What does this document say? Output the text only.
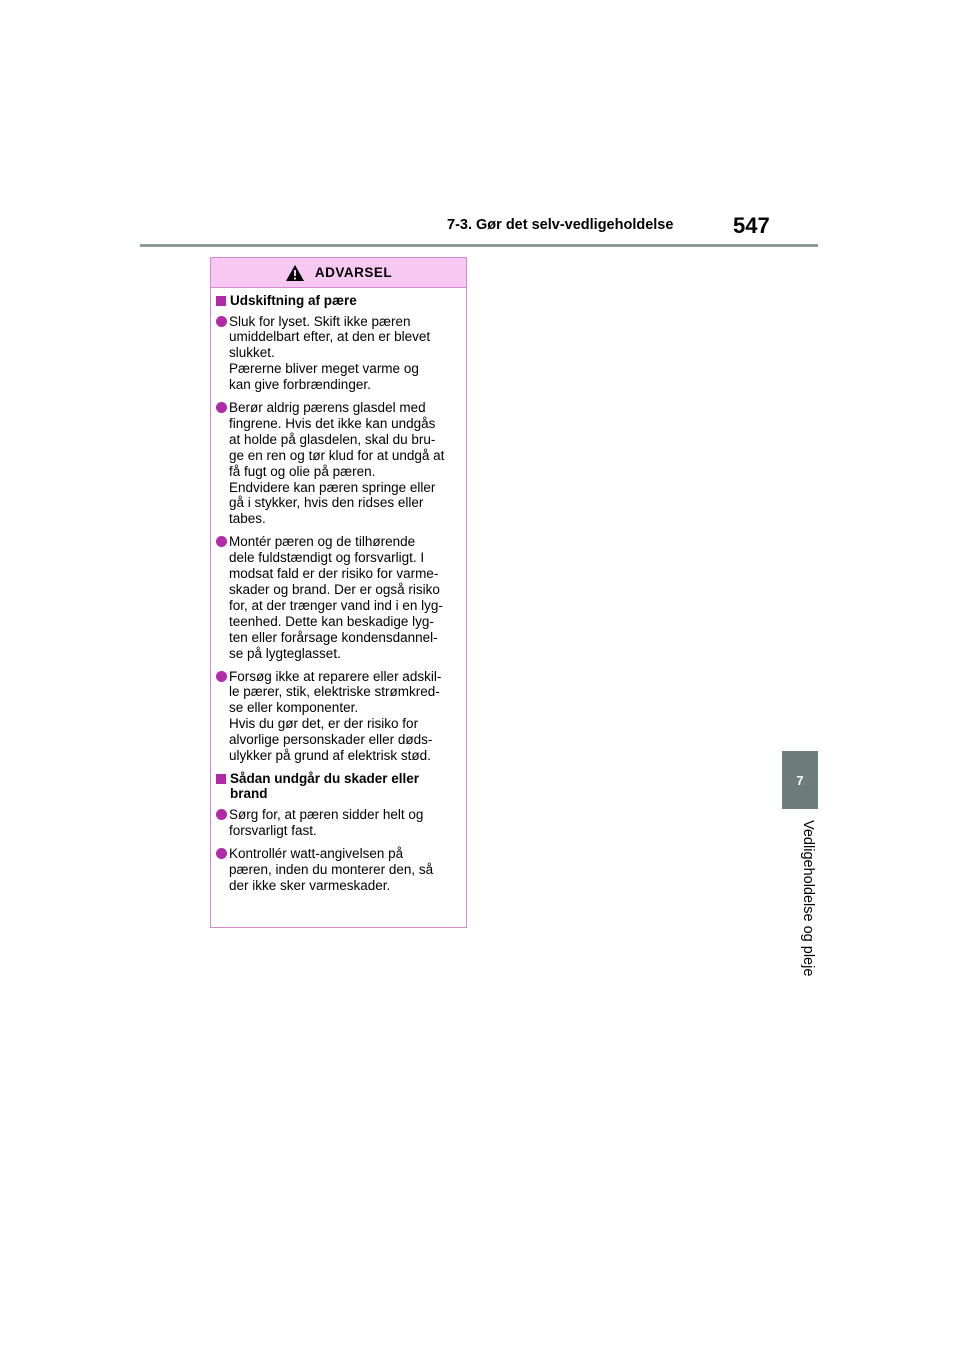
7-3. Gør det selv-vedligeholdelse	547
7
Vedligeholdelse og pleje
ADVARSEL
Udskiftning af pære
Sluk for lyset. Skift ikke pæren
umiddelbart efter, at den er blevet
slukket.
Pærerne bliver meget varme og
kan give forbrændinger.
Berør aldrig pærens glasdel med
fingrene. Hvis det ikke kan undgås
at holde på glasdelen, skal du bru-
ge en ren og tør klud for at undgå at
få fugt og olie på pæren.
Endvidere kan pæren springe eller
gå i stykker, hvis den ridses eller
tabes.
Montér pæren og de tilhørende
dele fuldstændigt og forsvarligt. I
modsat fald er der risiko for varme-
skader og brand. Der er også risiko
for, at der trænger vand ind i en lyg-
teenhed. Dette kan beskadige lyg-
ten eller forårsage kondensdannel-
se på lygteglasset.
Forsøg ikke at reparere eller adskil-
le pærer, stik, elektriske strømkred-
se eller komponenter.
Hvis du gør det, er der risiko for
alvorlige personskader eller døds-
ulykker på grund af elektrisk stød.
Sådan undgår du skader eller
brand
Sørg for, at pæren sidder helt og
forsvarligt fast.
Kontrollér watt-angivelsen på
pæren, inden du monterer den, så
der ikke sker varmeskader.
